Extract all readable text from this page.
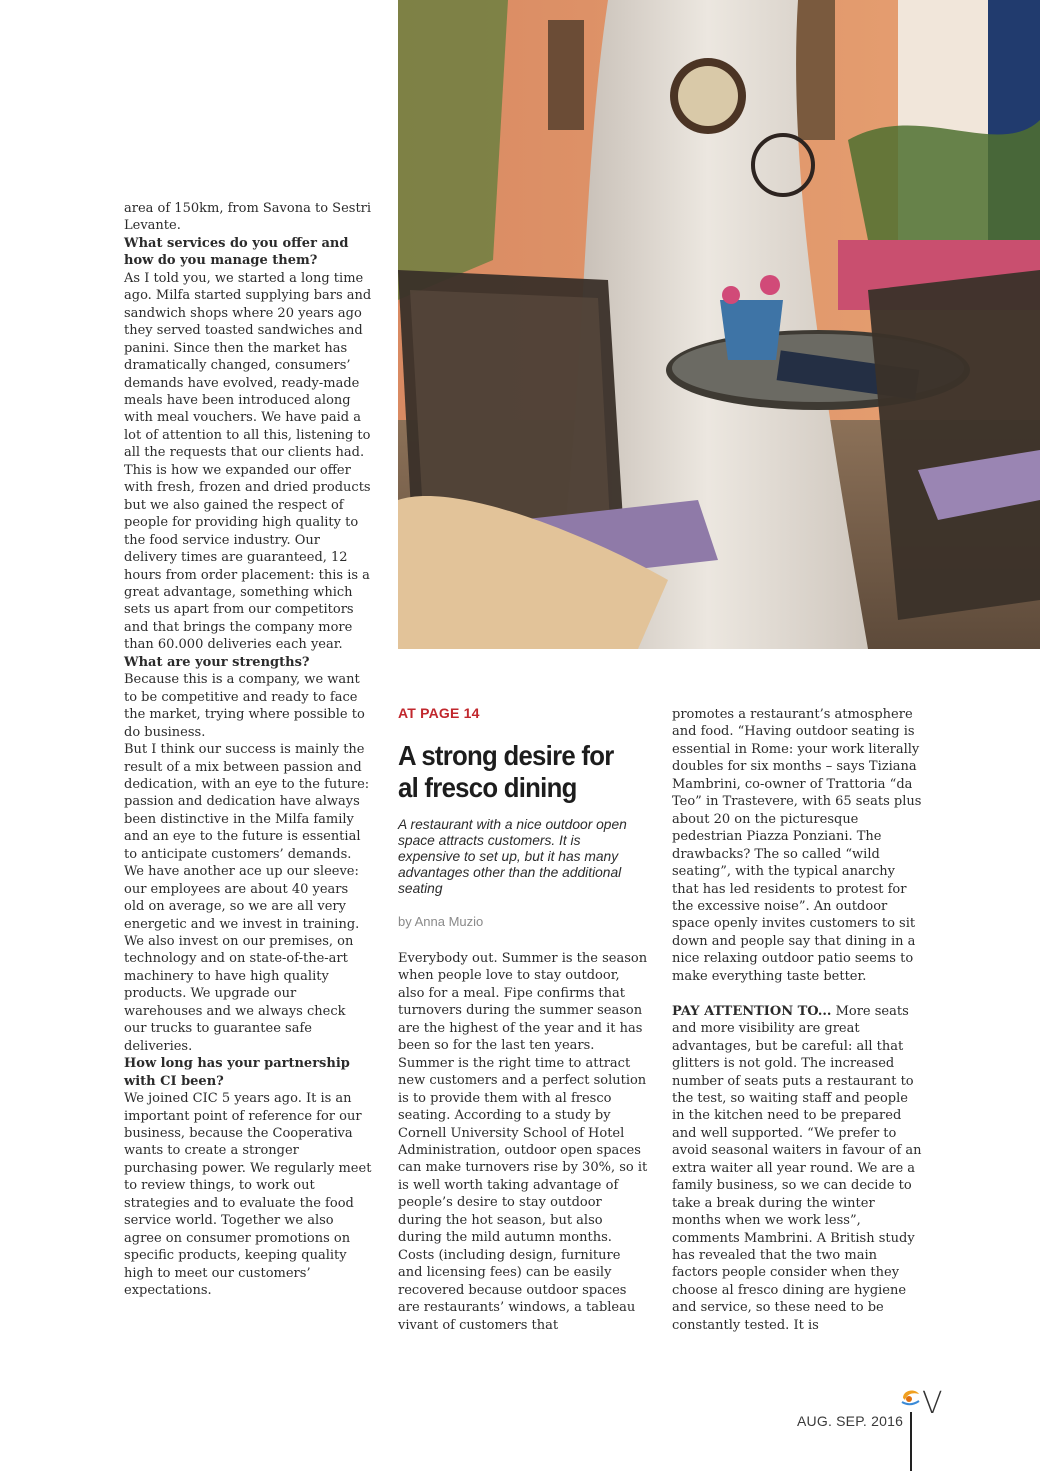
area of 150km, from Savona to Sestri Levante.

What services do you offer and how do you manage them?

As I told you, we started a long time ago. Milfa started supplying bars and sandwich shops where 20 years ago they served toasted sandwiches and panini. Since then the market has dramatically changed, consumers’ demands have evolved, ready-made meals have been introduced along with meal vouchers. We have paid a lot of attention to all this, listening to all the requests that our clients had. This is how we expanded our offer with fresh, frozen and dried products but we also gained the respect of people for providing high quality to the food service industry. Our delivery times are guaranteed, 12 hours from order placement: this is a great advantage, something which sets us apart from our competitors and that brings the company more than 60.000 deliveries each year.

What are your strengths?

Because this is a company, we want to be competitive and ready to face the market, trying where possible to do business.

But I think our success is mainly the result of a mix between passion and dedication, with an eye to the future: passion and dedication have always been distinctive in the Milfa family and an eye to the future is essential to anticipate customers’ demands.

We have another ace up our sleeve: our employees are about 40 years old on average, so we are all very energetic and we invest in training. We also invest on our premises, on technology and on state-of-the-art machinery to have high quality products. We upgrade our warehouses and we always check our trucks to guarantee safe deliveries.

How long has your partnership with CI been?

We joined CIC 5 years ago. It is an important point of reference for our business, because the Cooperativa wants to create a stronger purchasing power. We regularly meet to review things, to work out strategies and to evaluate the food service world. Together we also agree on consumer promotions on specific products, keeping quality high to meet our customers’ expectations.

AT PAGE 14
A strong desire for al fresco dining
A restaurant with a nice outdoor open space attracts customers. It is expensive to set up, but it has many advantages other than the additional seating
by Anna Muzio

Everybody out. Summer is the season when people love to stay outdoor, also for a meal. Fipe confirms that turnovers during the summer season are the highest of the year and it has been so for the last ten years. Summer is the right time to attract new customers and a perfect solution is to provide them with al fresco seating. According to a study by Cornell University School of Hotel Administration, outdoor open spaces can make turnovers rise by 30%, so it is well worth taking advantage of people’s desire to stay outdoor during the hot season, but also during the mild autumn months. Costs (including design, furniture and licensing fees) can be easily recovered because outdoor spaces are restaurants’ windows, a tableau vivant of customers that

promotes a restaurant’s atmosphere and food. “Having outdoor seating is essential in Rome: your work literally doubles for six months – says Tiziana Mambrini, co-owner of Trattoria “da Teo” in Trastevere, with 65 seats plus about 20 on the picturesque pedestrian Piazza Ponziani. The drawbacks? The so called “wild seating”, with the typical anarchy that has led residents to protest for the excessive noise”. An outdoor space openly invites customers to sit down and people say that dining in a nice relaxing outdoor patio seems to make everything taste better.

PAY ATTENTION TO... More seats and more visibility are great advantages, but be careful: all that glitters is not gold. The increased number of seats puts a restaurant to the test, so waiting staff and people in the kitchen need to be prepared and well supported. “We prefer to avoid seasonal waiters in favour of an extra waiter all year round. We are a family business, so we can decide to take a break during the winter months when we work less”, comments Mambrini. A British study has revealed that the two main factors people consider when they choose al fresco dining are hygiene and service, so these need to be constantly tested. It is

AUG. SEP. 2016 V
